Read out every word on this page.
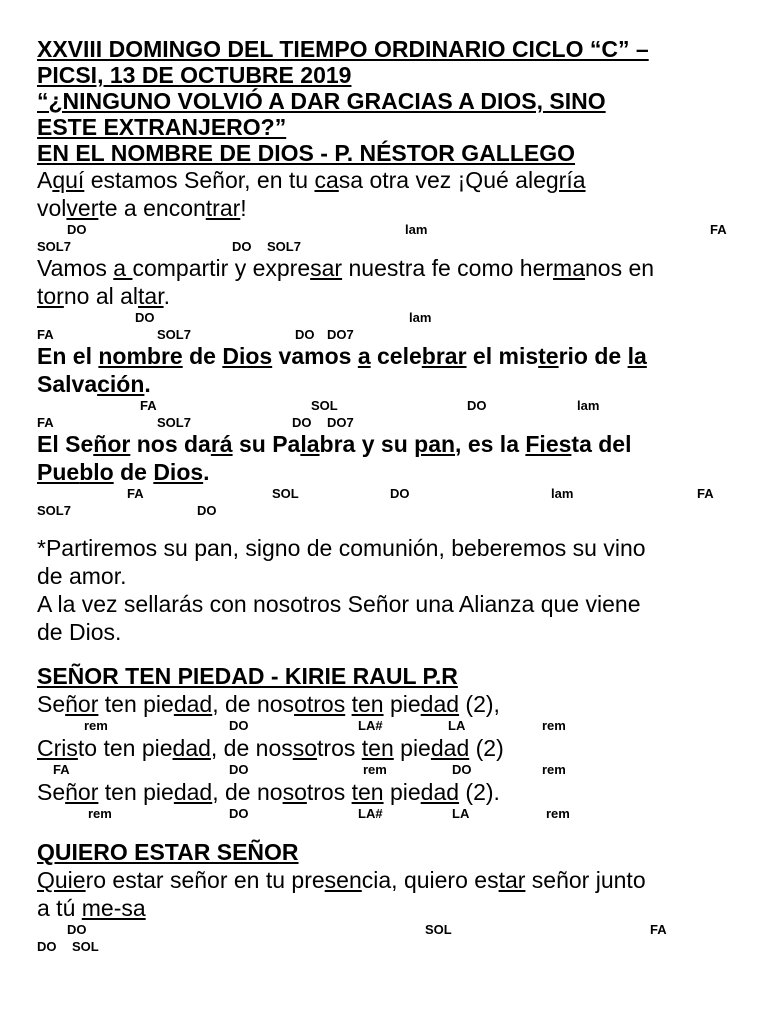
XXVIII DOMINGO DEL TIEMPO ORDINARIO CICLO “C” –
PICSI, 13 DE OCTUBRE 2019
“¿NINGUNO VOLVIÓ A DAR GRACIAS A DIOS, SINO
ESTE EXTRANJERO?”
EN EL NOMBRE DE DIOS - P. NÉSTOR GALLEGO
Aquí estamos Señor, en tu casa otra vez ¡Qué alegría
volverte a encontrar!
DO	lam	FA
SOL7	DO SOL7
Vamos a compartir y expresar nuestra fe como hermanos en
torno al altar.
DO	lam
FA	SOL7	DO DO7
En el nombre de Dios vamos a celebrar el misterio de la
Salvación.
FA	SOL	DO	lam
FA	SOL7	DO DO7
El Señor nos dará su Palabra y su pan, es la Fiesta del
Pueblo de Dios.
FA	SOL	DO	lam	FA
SOL7	DO
*Partiremos su pan, signo de comunión, beberemos su vino
de amor.
A la vez sellarás con nosotros Señor una Alianza que viene
de Dios.
SEÑOR TEN PIEDAD - KIRIE RAUL P.R
Señor ten piedad, de nosotros ten piedad (2),
rem	DO	LA#	LA	rem
Cristo ten piedad, de nossotros ten piedad (2)
FA	DO	rem	DO	rem
Señor ten piedad, de nosotros ten piedad (2).
rem	DO	LA#	LA	rem
QUIERO ESTAR SEÑOR
Quiero estar señor en tu presencia, quiero estar señor junto
a tú me-sa
DO	SOL	FA
DO SOL
